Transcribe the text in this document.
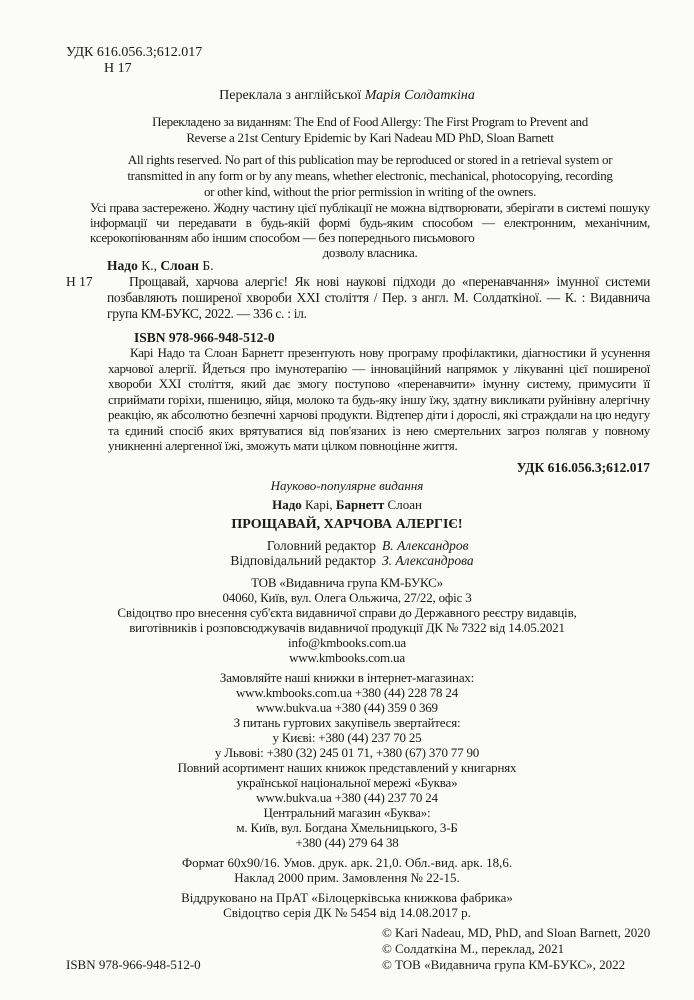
УДК 616.056.3;612.017
Н 17
Переклала з англійської Марія Солдаткіна
Перекладено за виданням: The End of Food Allergy: The First Program to Prevent and
Reverse a 21st Century Epidemic by Kari Nadeau MD PhD, Sloan Barnett
All rights reserved. No part of this publication may be reproduced or stored in a retrieval system or
transmitted in any form or by any means, whether electronic, mechanical, photocopying, recording
or other kind, without the prior permission in writing of the owners.
Усі права застережено. Жодну частину цієї публікації не можна відтворювати, зберігати в системі пошуку інформації чи передавати в будь-якій формі будь-яким способом — електронним, механічним, ксерокопіюванням або іншим способом — без попереднього письмового
дозволу власника.
Надо К., Слоан Б.
Н 17	Прощавай, харчова алергіє! Як нові наукові підходи до «перенавчання» імунної системи позбавляють поширеної хвороби XXI століття / Пер. з англ. М. Солдаткіної. — К. : Видавнича група КМ-БУКС, 2022. — 336 с. : іл.
ISBN 978-966-948-512-0
Карі Надо та Слоан Барнетт презентують нову програму профілактики, діагностики й усунення харчової алергії. Йдеться про імунотерапію — інноваційний напрямок у лікуванні цієї поширеної хвороби XXI століття, який дає змогу поступово «перенавчити» імунну систему, примусити її сприймати горіхи, пшеницю, яйця, молоко та будь-яку іншу їжу, здатну викликати руйнівну алергічну реакцію, як абсолютно безпечні харчові продукти. Відтепер діти і дорослі, які страждали на цю недугу та єдиний спосіб яких врятуватися від пов'язаних із нею смертельних загроз полягав у повному уникненні алергенної їжі, зможуть мати цілком повноцінне життя.
УДК 616.056.3;612.017
Науково-популярне видання
Надо Карі, Барнетт Слоан
ПРОЩАВАЙ, ХАРЧОВА АЛЕРГІЄ!
Головний редактор В. Александров
Відповідальний редактор З. Александрова
ТОВ «Видавнича група КМ-БУКС»
04060, Київ, вул. Олега Ольжича, 27/22, офіс 3
Свідоцтво про внесення суб'єкта видавничої справи до Державного реєстру видавців,
виготівників і розповсюджувачів видавничої продукції ДК № 7322 від 14.05.2021
info@kmbooks.com.ua
www.kmbooks.com.ua
Замовляйте наші книжки в інтернет-магазинах:
www.kmbooks.com.ua +380 (44) 228 78 24
www.bukva.ua +380 (44) 359 0 369
З питань гуртових закупівель звертайтеся:
у Києві: +380 (44) 237 70 25
у Львові: +380 (32) 245 01 71, +380 (67) 370 77 90
Повний асортимент наших книжок представлений у книгарнях
української національної мережі «Буква»
www.bukva.ua +380 (44) 237 70 24
Центральний магазин «Буква»:
м. Київ, вул. Богдана Хмельницького, 3-Б
+380 (44) 279 64 38
Формат 60х90/16. Умов. друк. арк. 21,0. Обл.-вид. арк. 18,6.
Наклад 2000 прим. Замовлення № 22-15.
Віддруковано на ПрАТ «Білоцерківська книжкова фабрика»
Свідоцтво серія ДК № 5454 від 14.08.2017 р.
© Kari Nadeau, MD, PhD, and Sloan Barnett, 2020
© Солдаткіна М., переклад, 2021
© ТОВ «Видавнича група КМ-БУКС», 2022
ISBN 978-966-948-512-0
